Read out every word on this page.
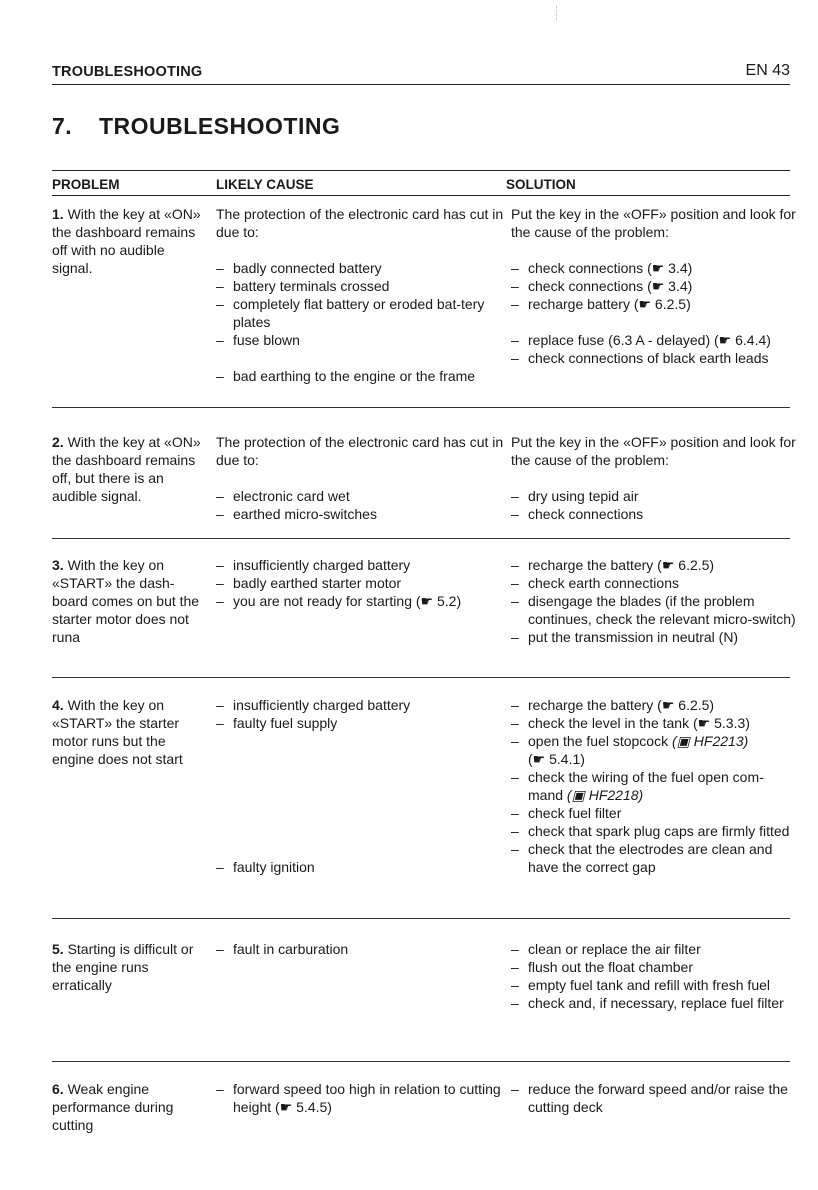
TROUBLESHOOTING	EN 43
7. TROUBLESHOOTING
PROBLEM	LIKELY CAUSE	SOLUTION

1. With the key at «ON» the dashboard remains off with no audible signal.

The protection of the electronic card has cut in due to:

– badly connected battery

– battery terminals crossed

– completely flat battery or eroded bat-tery plates

– fuse blown

– bad earthing to the engine or the frame

Put the key in the «OFF» position and look for the cause of the problem:

– check connections (☛ 3.4)

– check connections (☛ 3.4)

– recharge battery (☛ 6.2.5)

– replace fuse (6.3 A - delayed) (☛ 6.4.4)

– check connections of black earth leads

2. With the key at «ON» the dashboard remains off, but there is an audible signal.

The protection of the electronic card has cut in due to:

– electronic card wet

– earthed micro-switches

Put the key in the «OFF» position and look for the cause of the problem:

– dry using tepid air

– check connections

3. With the key on «START» the dash-board comes on but the starter motor does not runa

– insufficiently charged battery

– badly earthed starter motor

– you are not ready for starting (☛ 5.2)

– recharge the battery (☛ 6.2.5)

– check earth connections

– disengage the blades (if the problem continues, check the relevant micro-switch)

– put the transmission in neutral (N)

4. With the key on «START» the starter motor runs but the engine does not start

– insufficiently charged battery

– faulty fuel supply

– faulty ignition

– recharge the battery (☛ 6.2.5)

– check the level in the tank (☛ 5.3.3)

– open the fuel stopcock (▣ HF2213)

(☛ 5.4.1)

– check the wiring of the fuel open com-mand (▣ HF2218)

– check fuel filter

– check that spark plug caps are firmly fitted

– check that the electrodes are clean and have the correct gap

5. Starting is difficult or the engine runs erratically

– fault in carburation

–	clean or replace the air filter

– flush out the float chamber

– empty fuel tank and refill with fresh fuel

– check and, if necessary, replace fuel filter

6. Weak engine performance during cutting

– forward speed too high in relation to cutting height (☛ 5.4.5)

– reduce the forward speed and/or raise the cutting deck
